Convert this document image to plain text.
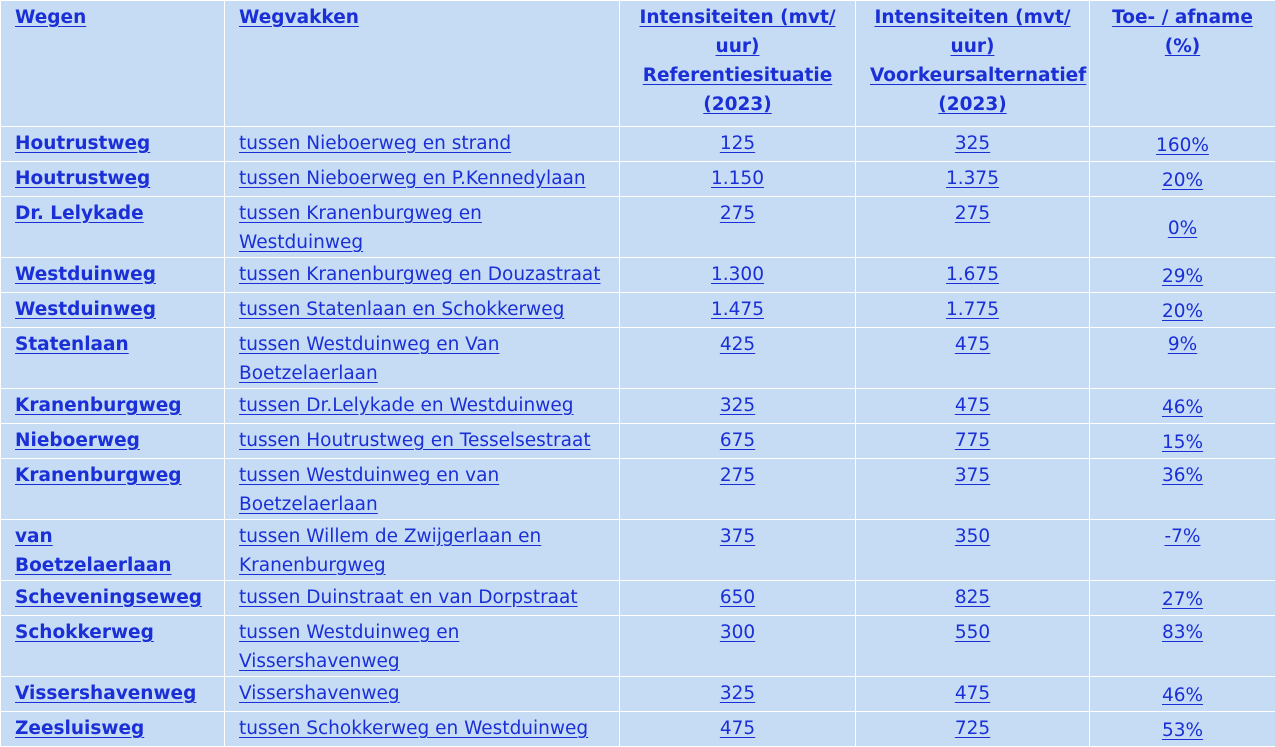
Wegen	Wegvakken	Intensiteiten (mvt/ uur) Referentiesituatie (2023)	Intensiteiten (mvt/ uur) Voorkeursalternatief (2023)	Toe- / afname (%)
Houtrustweg	tussen Nieboerweg en strand	125	325	160%
Houtrustweg	tussen Nieboerweg en P.Kennedylaan	1.150	1.375	20%
Dr. Lelykade	tussen Kranenburgweg en Westduinweg	275	275	0%
Westduinweg	tussen Kranenburgweg en Douzastraat	1.300	1.675	29%
Westduinweg	tussen Statenlaan en Schokkerweg	1.475	1.775	20%
Statenlaan	tussen Westduinweg en Van Boetzelaerlaan	425	475	9%
Kranenburgweg	tussen Dr.Lelykade en Westduinweg	325	475	46%
Nieboerweg	tussen Houtrustweg en Tesselsestraat	675	775	15%
Kranenburgweg	tussen Westduinweg en van Boetzelaerlaan	275	375	36%
van Boetzelaerlaan	tussen Willem de Zwijgerlaan en Kranenburgweg	375	350	-7%
Scheveningseweg	tussen Duinstraat en van Dorpstraat	650	825	27%
Schokkerweg	tussen Westduinweg en Vissershavenweg	300	550	83%
Vissershavenweg	Vissershavenweg	325	475	46%
Zeesluisweg	tussen Schokkerweg en Westduinweg	475	725	53%
